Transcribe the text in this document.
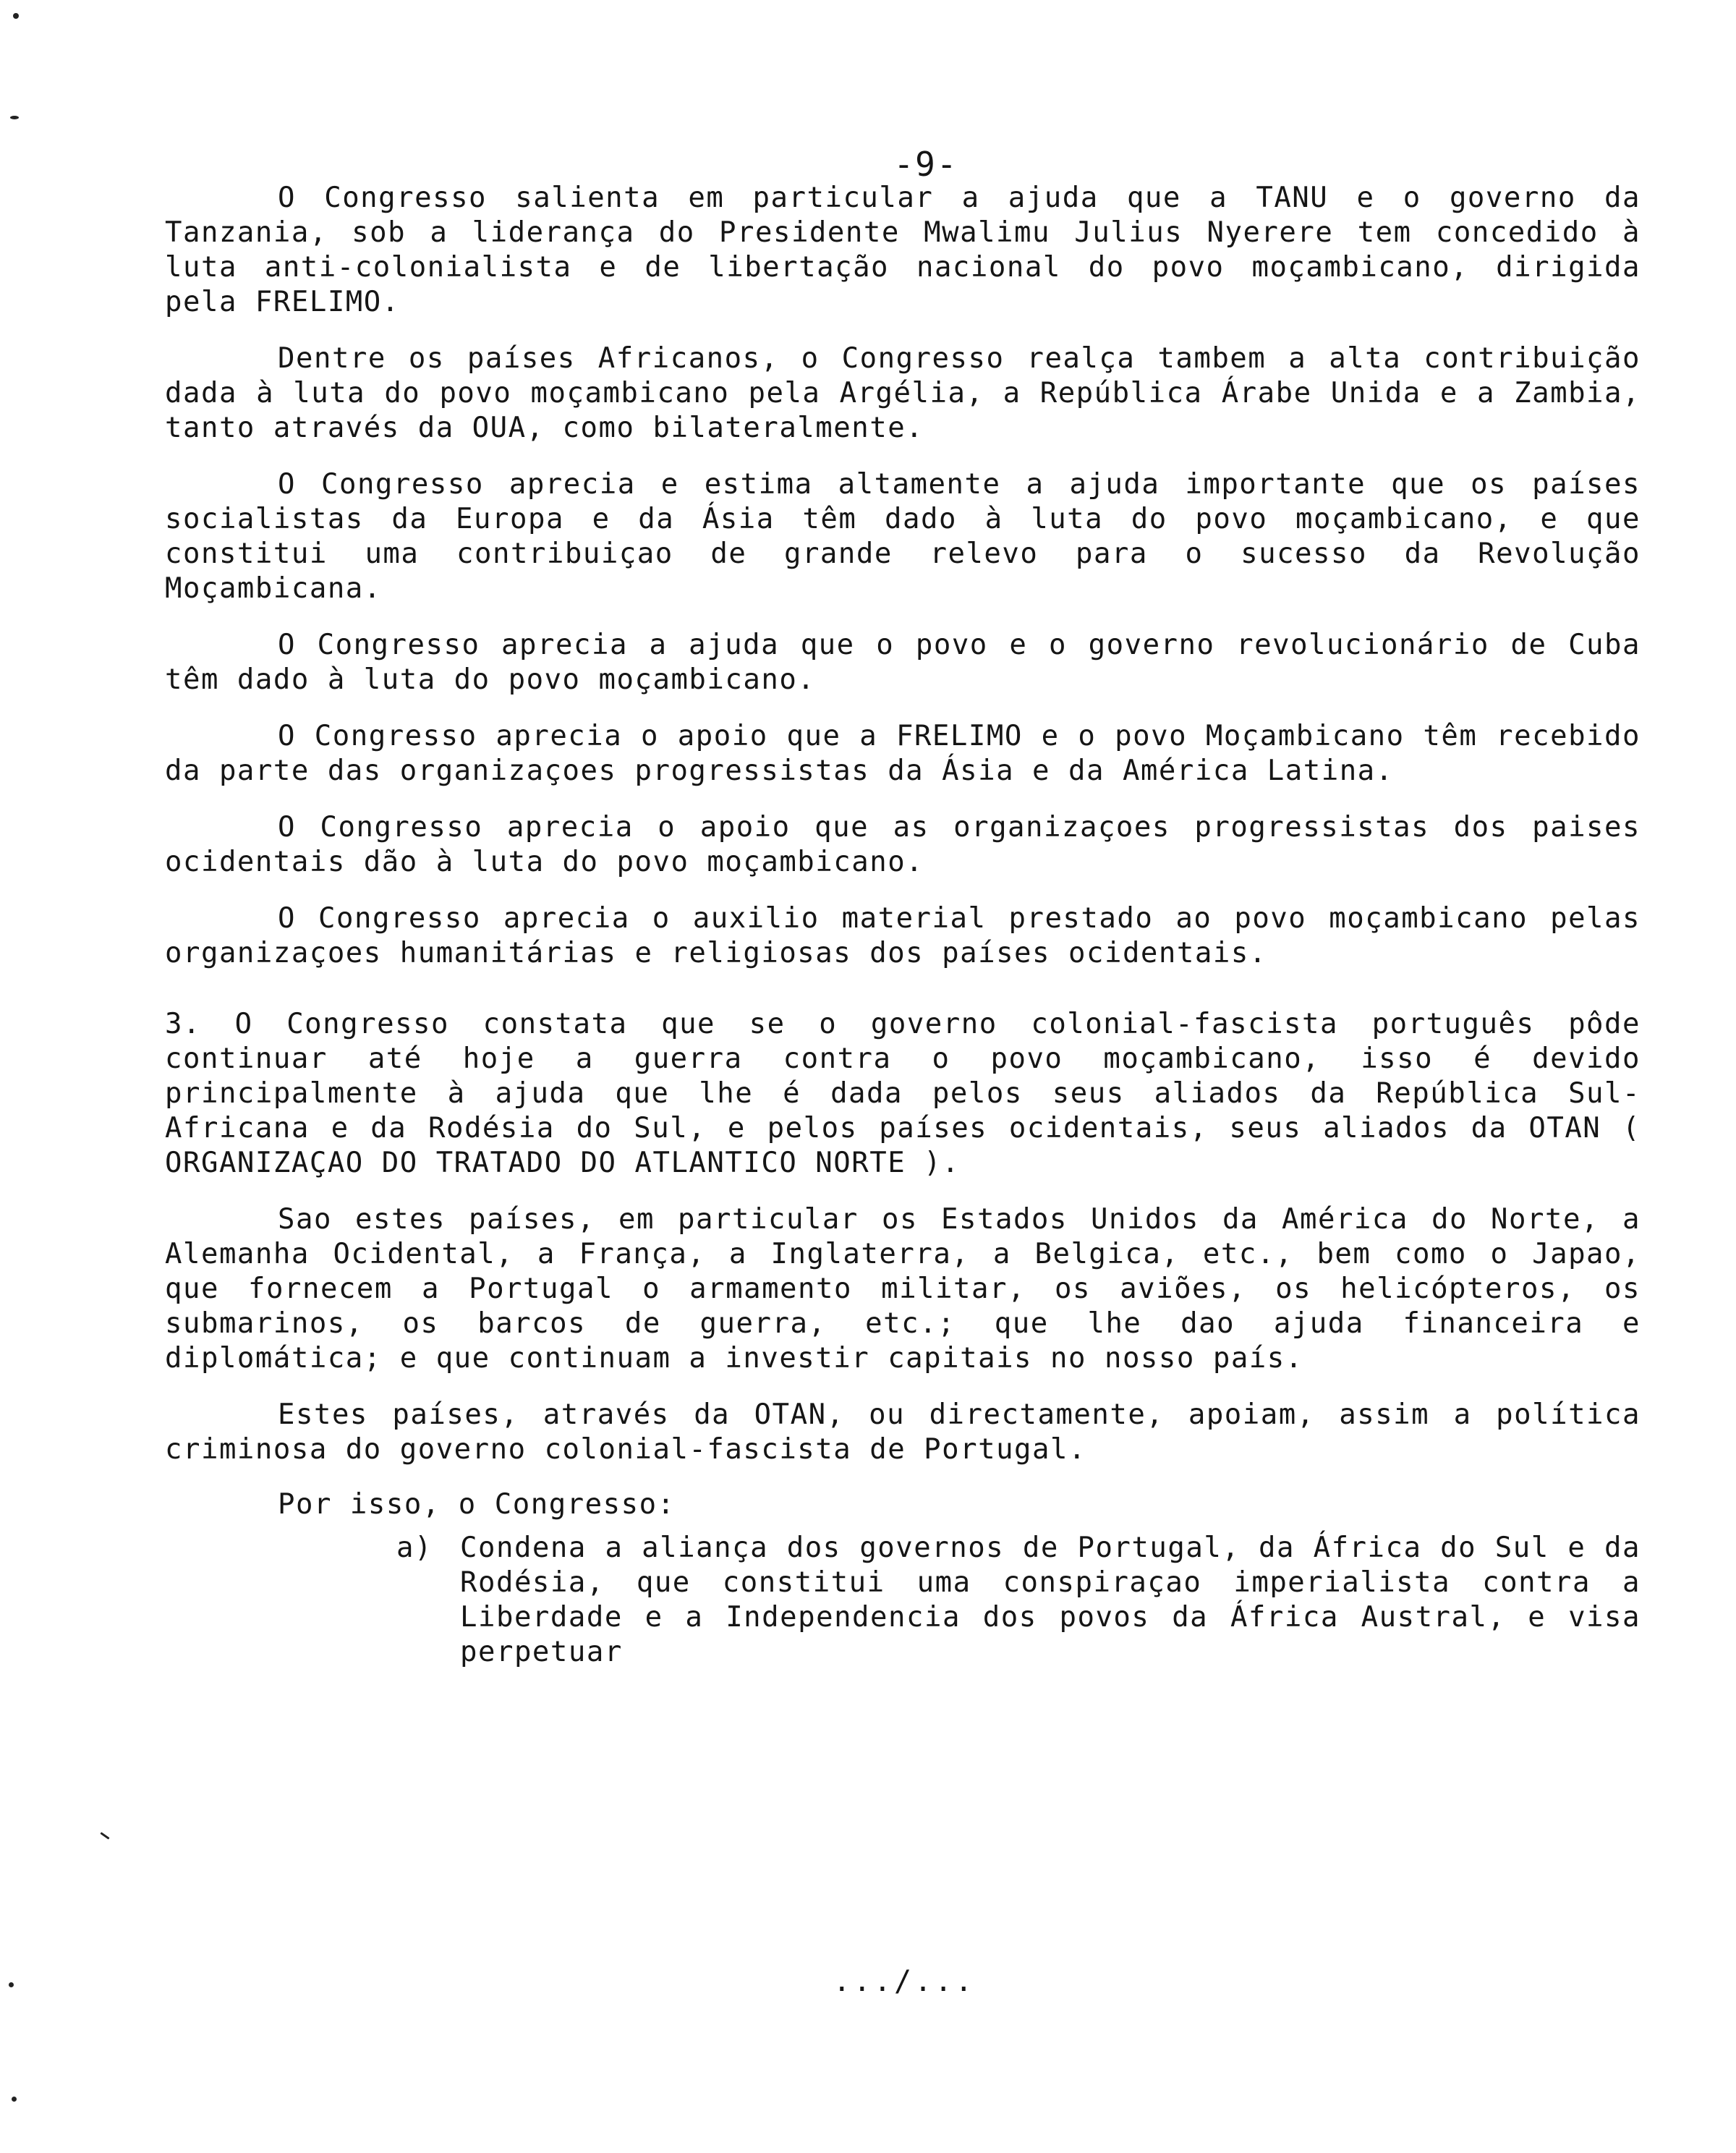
-9-

O Congresso salienta em particular a ajuda que a TANU e o governo da Tanzania, sob a liderança do Presidente Mwalimu Julius Nyerere tem concedido à luta anti-colonialista e de libertação nacional do povo moçambicano, dirigida pela FRELIMO.

Dentre os países Africanos, o Congresso realça tambem a alta contribuição dada à luta do povo moçambicano pela Argélia, a República Árabe Unida e a Zambia, tanto através da OUA, como bilateralmente.

O Congresso aprecia e estima altamente a ajuda importante que os países socialistas da Europa e da Ásia têm dado à luta do povo moçambicano, e que constitui uma contribuiçao de grande relevo para o sucesso da Revolução Moçambicana.

O Congresso aprecia a ajuda que o povo e o governo revolucionário de Cuba têm dado à luta do povo moçambicano.

O Congresso aprecia o apoio que a FRELIMO e o povo Moçambicano têm recebido da parte das organizaçoes progressistas da Ásia e da América Latina.

O Congresso aprecia o apoio que as organizaçoes progressistas dos paises ocidentais dão à luta do povo moçambicano.

O Congresso aprecia o auxilio material prestado ao povo moçambicano pelas organizaçoes humanitárias e religiosas dos países ocidentais.

3. O Congresso constata que se o governo colonial-fascista português pôde continuar até hoje a guerra contra o povo moçambicano, isso é devido principalmente à ajuda que lhe é dada pelos seus aliados da República Sul-Africana e da Rodésia do Sul, e pelos países ocidentais, seus aliados da OTAN ( ORGANIZAÇAO DO TRATADO DO ATLANTICO NORTE ).

Sao estes países, em particular os Estados Unidos da América do Norte, a Alemanha Ocidental, a França, a Inglaterra, a Belgica, etc., bem como o Japao, que fornecem a Portugal o armamento militar, os aviões, os helicópteros, os submarinos, os barcos de guerra, etc.; que lhe dao ajuda financeira e diplomática; e que continuam a investir capitais no nosso país.

Estes países, através da OTAN, ou directamente, apoiam, assim a política criminosa do governo colonial-fascista de Portugal.

Por isso, o Congresso:

a) Condena a aliança dos governos de Portugal, da África do Sul e da Rodésia, que constitui uma conspiraçao imperialista contra a Liberdade e a Independencia dos povos da África Austral, e visa perpetuar
.../...
